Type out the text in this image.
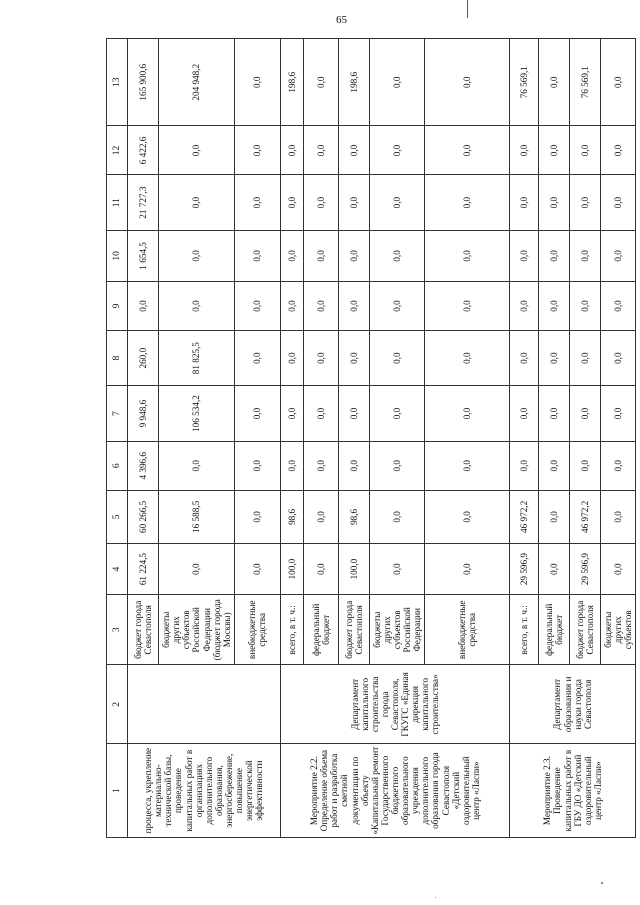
65
1	2	3	4	5	6	7	8	9	10	11	12	13
процесса, укрепление материально-технической базы, проведение капитальных работ в организациях дополнительного образования, энергосбережение, повышение энергетической эффективности		бюджет города Севастополя	61 224,5	60 266,5	4 396,6	9 948,6	260,0	0,0	1 654,5	21 727,3	6 422,6	165 900,6
		бюджеты других субъектов Российской Федерации (бюджет города Москвы)	0,0	16 588,5	0,0	106 534,2	81 825,5	0,0	0,0	0,0	0,0	204 948,2
		внебюджетные средства	0,0	0,0	0,0	0,0	0,0	0,0	0,0	0,0	0,0	0,0
Мероприятие 2.2. Определение объема работ и разработка сметной документации по объекту «Капитальный ремонт Государственного бюджетного образовательного учреждения дополнительного образования города Севастополя «Детский оздоровительный центр «Ласпи»	Департамент капитального строительства города Севастополя, ГКУГС «Единая дирекция капитального строительства»	всего, в т. ч.:	100,0	98,6	0,0	0,0	0,0	0,0	0,0	0,0	0,0	198,6
		федеральный бюджет	0,0	0,0	0,0	0,0	0,0	0,0	0,0	0,0	0,0	0,0
		бюджет города Севастополя	100,0	98,6	0,0	0,0	0,0	0,0	0,0	0,0	0,0	198,6
		бюджеты других субъектов Российской Федерации	0,0	0,0	0,0	0,0	0,0	0,0	0,0	0,0	0,0	0,0
		внебюджетные средства	0,0	0,0	0,0	0,0	0,0	0,0	0,0	0,0	0,0	0,0
Мероприятие 2.3. Проведение капитальных работ в ГБУ ДО «Детский оздоровительный центр «Ласпи»	Департамент образования и науки города Севастополя	всего, в т. ч.:	29 596,9	46 972,2	0,0	0,0	0,0	0,0	0,0	0,0	0,0	76 569,1
		федеральный бюджет	0,0	0,0	0,0	0,0	0,0	0,0	0,0	0,0	0,0	0,0
		бюджет города Севастополя	29 596,9	46 972,2	0,0	0,0	0,0	0,0	0,0	0,0	0,0	76 569,1
		бюджеты других субъектов	0,0	0,0	0,0	0,0	0,0	0,0	0,0	0,0	0,0	0,0
